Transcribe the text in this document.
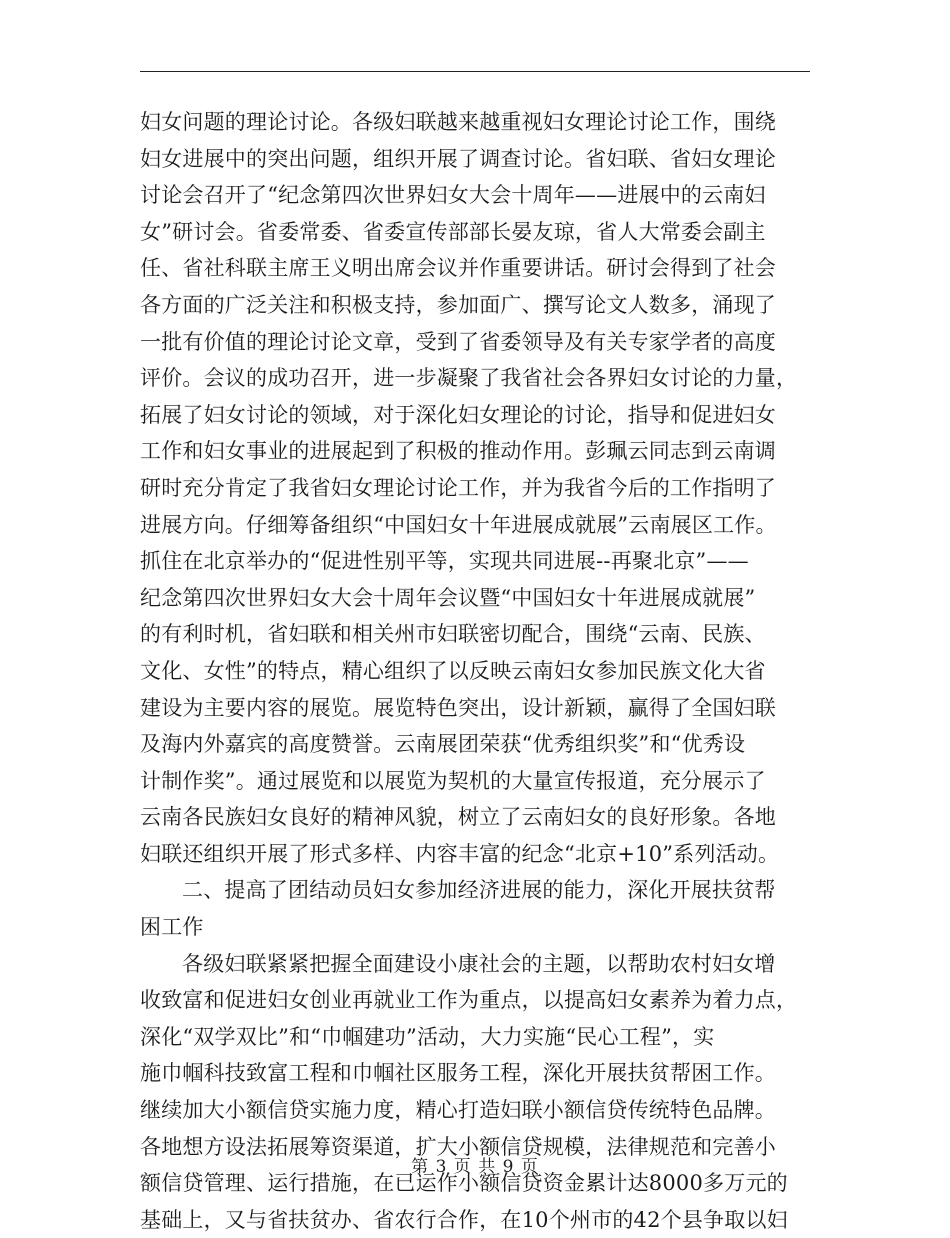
妇女问题的理论讨论。各级妇联越来越重视妇女理论讨论工作，围绕
妇女进展中的突出问题，组织开展了调查讨论。省妇联、省妇女理论
讨论会召开了“纪念第四次世界妇女大会十周年——进展中的云南妇
女”研讨会。省委常委、省委宣传部部长晏友琼，省人大常委会副主
任、省社科联主席王义明出席会议并作重要讲话。研讨会得到了社会
各方面的广泛关注和积极支持，参加面广、撰写论文人数多，涌现了
一批有价值的理论讨论文章，受到了省委领导及有关专家学者的高度
评价。会议的成功召开，进一步凝聚了我省社会各界妇女讨论的力量，
拓展了妇女讨论的领域，对于深化妇女理论的讨论，指导和促进妇女
工作和妇女事业的进展起到了积极的推动作用。彭珮云同志到云南调
研时充分肯定了我省妇女理论讨论工作，并为我省今后的工作指明了
进展方向。仔细筹备组织“中国妇女十年进展成就展”云南展区工作。
抓住在北京举办的“促进性别平等，实现共同进展--再聚北京”——
纪念第四次世界妇女大会十周年会议暨“中国妇女十年进展成就展”
的有利时机，省妇联和相关州市妇联密切配合，围绕“云南、民族、
文化、女性”的特点，精心组织了以反映云南妇女参加民族文化大省
建设为主要内容的展览。展览特色突出，设计新颖，赢得了全国妇联
及海内外嘉宾的高度赞誉。云南展团荣获“优秀组织奖”和“优秀设
计制作奖”。通过展览和以展览为契机的大量宣传报道，充分展示了
云南各民族妇女良好的精神风貌，树立了云南妇女的良好形象。各地
妇联还组织开展了形式多样、内容丰富的纪念“北京+10”系列活动。
二、提高了团结动员妇女参加经济进展的能力，深化开展扶贫帮
困工作
各级妇联紧紧把握全面建设小康社会的主题，以帮助农村妇女增
收致富和促进妇女创业再就业工作为重点，以提高妇女素养为着力点，
深化“双学双比”和“巾帼建功”活动，大力实施“民心工程”，实
施巾帼科技致富工程和巾帼社区服务工程，深化开展扶贫帮困工作。
继续加大小额信贷实施力度，精心打造妇联小额信贷传统特色品牌。
各地想方设法拓展筹资渠道，扩大小额信贷规模，法律规范和完善小
额信贷管理、运行措施，在已运作小额信贷资金累计达8000多万元的
基础上，又与省扶贫办、省农行合作，在10个州市的42个县争取以妇
第 3 页 共 9 页
